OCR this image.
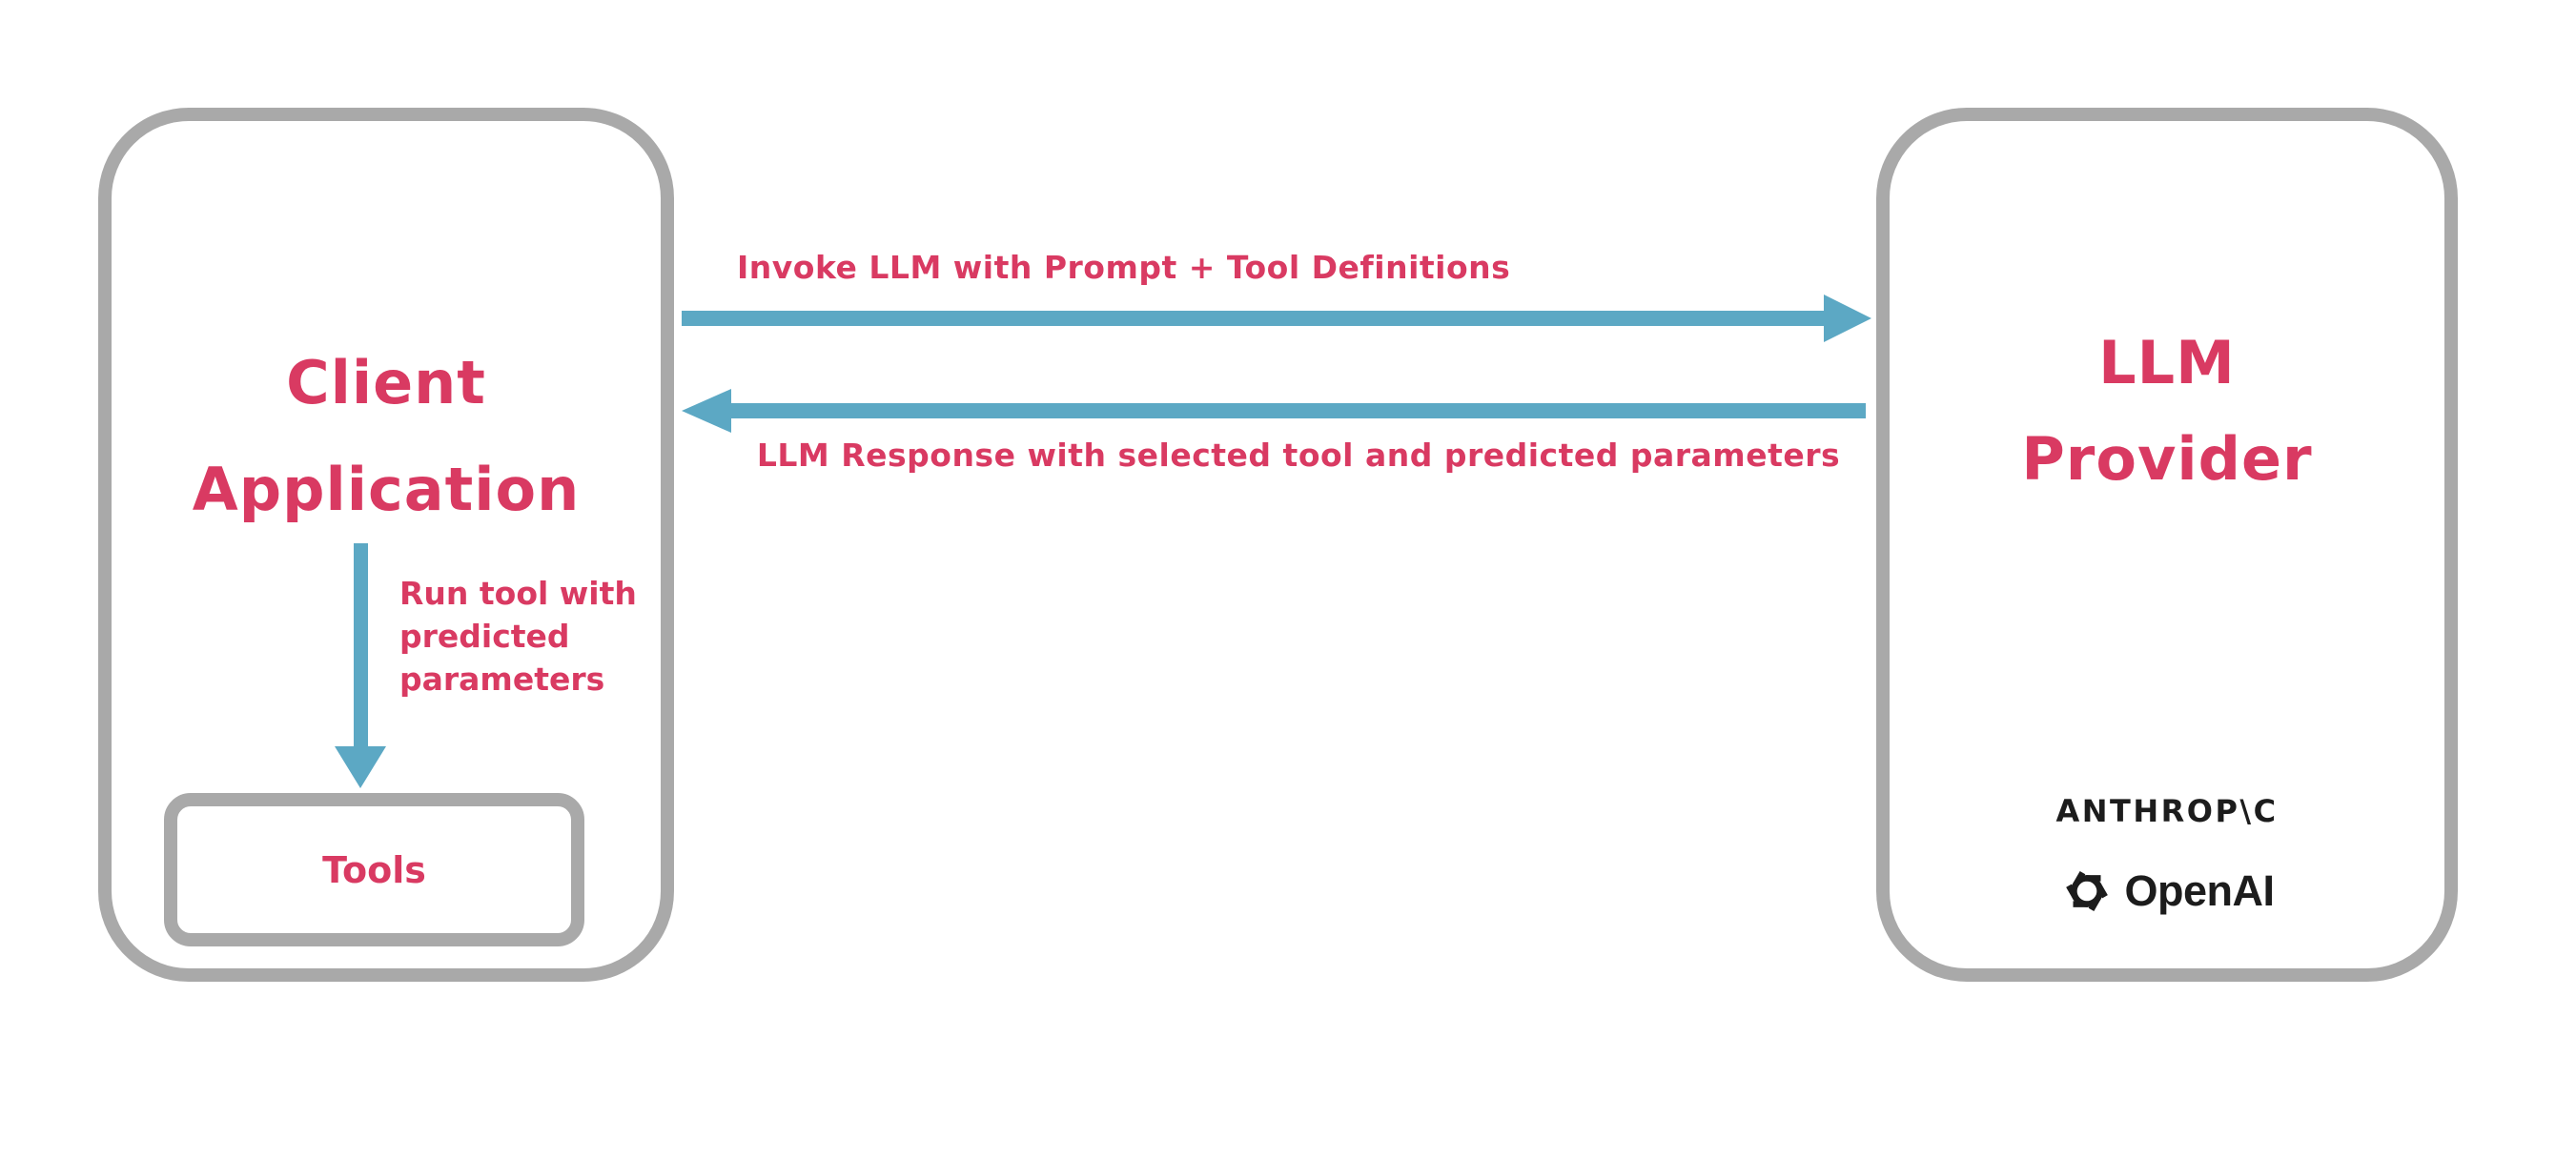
Client
Application
Run tool with
predicted
parameters
Tools
Invoke LLM with Prompt + Tool Definitions
LLM Response with selected tool and predicted parameters
LLM
Provider
ANTHROP\C
OpenAI
